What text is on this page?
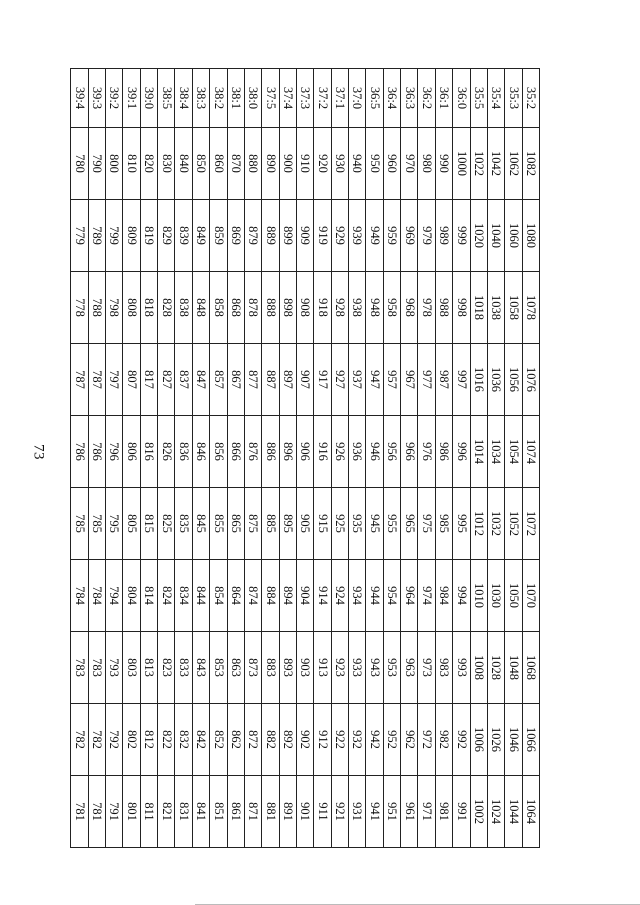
73
35:2	1082	1080	1078	1076	1074	1072	1070	1068	1066	1064
35:3	1062	1060	1058	1056	1054	1052	1050	1048	1046	1044
35:4	1042	1040	1038	1036	1034	1032	1030	1028	1026	1024
35:5	1022	1020	1018	1016	1014	1012	1010	1008	1006	1002
36:0	1000	999	998	997	996	995	994	993	992	991
36:1	990	989	988	987	986	985	984	983	982	981
36:2	980	979	978	977	976	975	974	973	972	971
36:3	970	969	968	967	966	965	964	963	962	961
36:4	960	959	958	957	956	955	954	953	952	951
36:5	950	949	948	947	946	945	944	943	942	941
37:0	940	939	938	937	936	935	934	933	932	931
37:1	930	929	928	927	926	925	924	923	922	921
37:2	920	919	918	917	916	915	914	913	912	911
37:3	910	909	908	907	906	905	904	903	902	901
37:4	900	899	898	897	896	895	894	893	892	891
37:5	890	889	888	887	886	885	884	883	882	881
38:0	880	879	878	877	876	875	874	873	872	871
38:1	870	869	868	867	866	865	864	863	862	861
38:2	860	859	858	857	856	855	854	853	852	851
38:3	850	849	848	847	846	845	844	843	842	841
38:4	840	839	838	837	836	835	834	833	832	831
38:5	830	829	828	827	826	825	824	823	822	821
39:0	820	819	818	817	816	815	814	813	812	811
39:1	810	809	808	807	806	805	804	803	802	801
39:2	800	799	798	797	796	795	794	793	792	791
39:3	790	789	788	787	786	785	784	783	782	781
39:4	780	779	778	787	786	785	784	783	782	781
